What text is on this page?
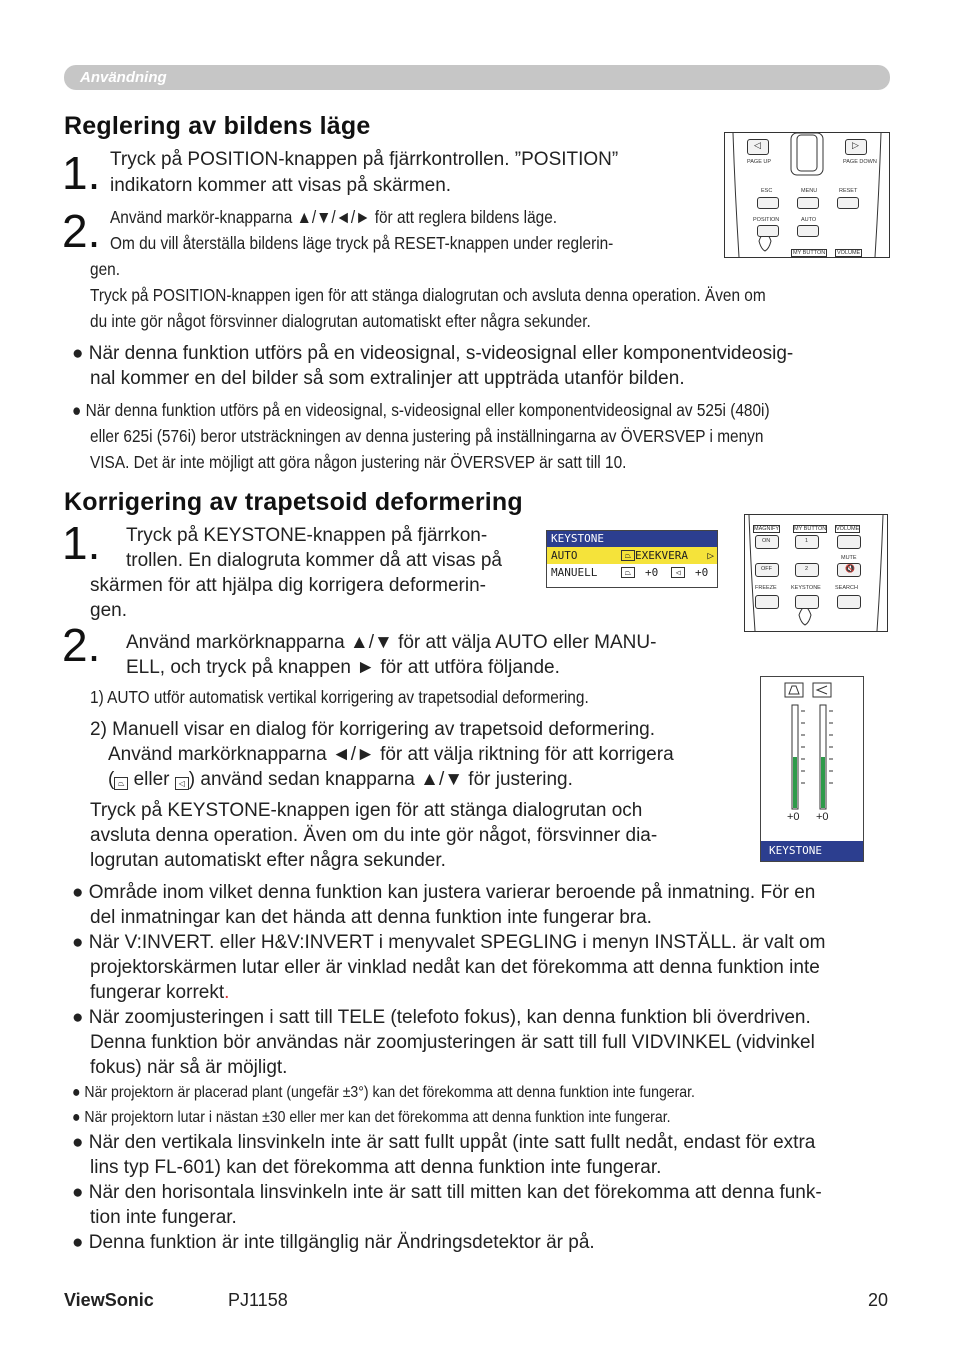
Användning
Reglering av bildens läge
1. Tryck på POSITION-knappen på fjärrkontrollen. ”POSITION”
indikatorn kommer att visas på skärmen.
2. Använd markör-knapparna ▲/▼/◄/► för att reglera bildens läge.
Om du vill återställa bildens läge tryck på RESET-knappen under reglerin-
gen.
Tryck på POSITION-knappen igen för att stänga dialogrutan och avsluta denna operation. Även om
du inte gör något försvinner dialogrutan automatiskt efter några sekunder.
● När denna funktion utförs på en videosignal, s-videosignal eller komponentvideosig-
nal kommer en del bilder så som extralinjer att uppträda utanför bilden.
● När denna funktion utförs på en videosignal, s-videosignal eller komponentvideosignal av 525i (480i)
eller 625i (576i) beror utsträckningen av denna justering på inställningarna av ÖVERSVEP i menyn
VISA. Det är inte möjligt att göra någon justering när ÖVERSVEP är satt till 10.
◁	▷
PAGE UP	PAGE DOWN
ESC	MENU	RESET
POSITION	AUTO
MY BUTTON	VOLUME
Korrigering av trapetsoid deformering
1. Tryck på KEYSTONE-knappen på fjärrkon-
trollen. En dialogruta kommer då att visas på
skärmen för att hjälpa dig korrigera deformerin-
gen.
KEYSTONE
AUTO	⏢ EXEKVERA ▷
MANUELL	⏢	+0	◁	+0
MAGNIFY	MY BUTTON VOLUME
ON	1
MUTE
OFF	2	🔇
FREEZE	KEYSTONE	SEARCH
2. Använd markörknapparna ▲/▼ för att välja AUTO eller MANU-
ELL, och tryck på knappen ► för att utföra följande.
1) AUTO utför automatisk vertikal korrigering av trapetsodial deformering.
2) Manuell visar en dialog för korrigering av trapetsoid deformering.
Använd markörknapparna ◄/► för att välja riktning för att korrigera
( ⏢ eller ◁ ) använd sedan knapparna ▲/▼ för justering.
Tryck på KEYSTONE-knappen igen för att stänga dialogrutan och
avsluta denna operation. Även om du inte gör något, försvinner dia-
logrutan automatiskt efter några sekunder.
+0 +0
KEYSTONE
● Område inom vilket denna funktion kan justera varierar beroende på inmatning. För en
del inmatningar kan det hända att denna funktion inte fungerar bra.
● När V:INVERT. eller H&V:INVERT i menyvalet SPEGLING i menyn INSTÄLL. är valt om
projektorskärmen lutar eller är vinklad nedåt kan det förekomma att denna funktion inte
fungerar korrekt.
● När zoomjusteringen i satt till TELE (telefoto fokus), kan denna funktion bli överdriven.
Denna funktion bör användas när zoomjusteringen är satt till full VIDVINKEL (vidvinkel
fokus) när så är möjligt.
● När projektorn är placerad plant (ungefär ±3°) kan det förekomma att denna funktion inte fungerar.
● När projektorn lutar i nästan ±30 eller mer kan det förekomma att denna funktion inte fungerar.
● När den vertikala linsvinkeln inte är satt fullt uppåt (inte satt fullt nedåt, endast för extra
lins typ FL-601) kan det förekomma att denna funktion inte fungerar.
● När den horisontala linsvinkeln inte är satt till mitten kan det förekomma att denna funk-
tion inte fungerar.
● Denna funktion är inte tillgänglig när Ändringsdetektor är på.
ViewSonic	PJ1158	20
